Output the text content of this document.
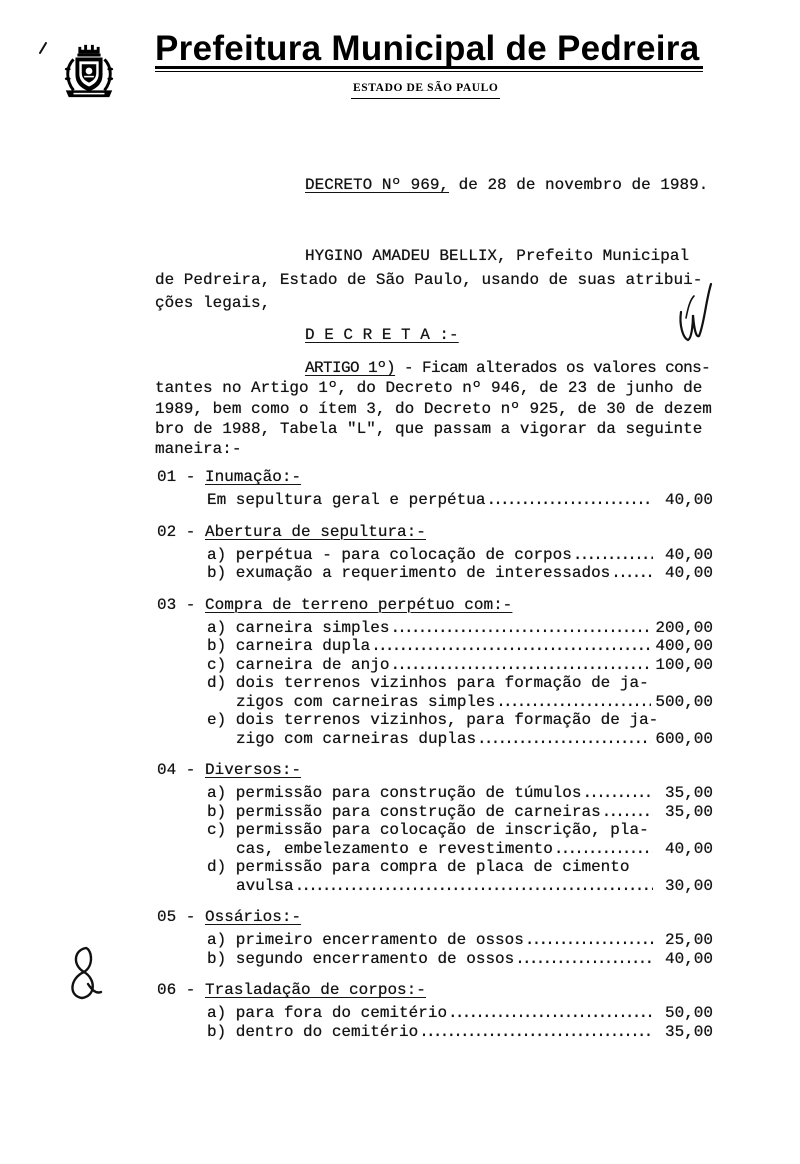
Prefeitura Municipal de Pedreira
ESTADO DE SÃO PAULO
DECRETO Nº 969, de 28 de novembro de 1989.
HYGINO AMADEU BELLIX, Prefeito Municipal
de Pedreira, Estado de São Paulo, usando de suas atribui-
ções legais,
D E C R E T A :-
ARTIGO 1º) - Ficam alterados os valores cons-
tantes no Artigo 1º, do Decreto nº 946, de 23 de junho de
1989, bem como o ítem 3, do Decreto nº 925, de 30 de dezem
bro de 1988, Tabela "L", que passam a vigorar da seguinte
maneira:-
01 - Inumação:-
Em sepultura geral e perpétua .....	40,00
02 - Abertura de sepultura:-
a) perpétua - para colocação de corpos .....	40,00
b) exumação a requerimento de interessados .....	40,00
03 - Compra de terreno perpétuo com:-
a) carneira simples .....	200,00
b) carneira dupla .....	400,00
c) carneira de anjo .....	100,00
d) dois terrenos vizinhos para formação de ja-
zigos com carneiras simples .....	500,00
e) dois terrenos vizinhos, para formação de ja-
zigo com carneiras duplas .....	600,00
04 - Diversos:-
a) permissão para construção de túmulos .....	35,00
b) permissão para construção de carneiras .....	35,00
c) permissão para colocação de inscrição, pla-
cas, embelezamento e revestimento .....	40,00
d) permissão para compra de placa de cimento
avulsa .....	30,00
05 - Ossários:-
a) primeiro encerramento de ossos .....	25,00
b) segundo encerramento de ossos .....	40,00
06 - Trasladação de corpos:-
a) para fora do cemitério .....	50,00
b) dentro do cemitério .....	35,00
